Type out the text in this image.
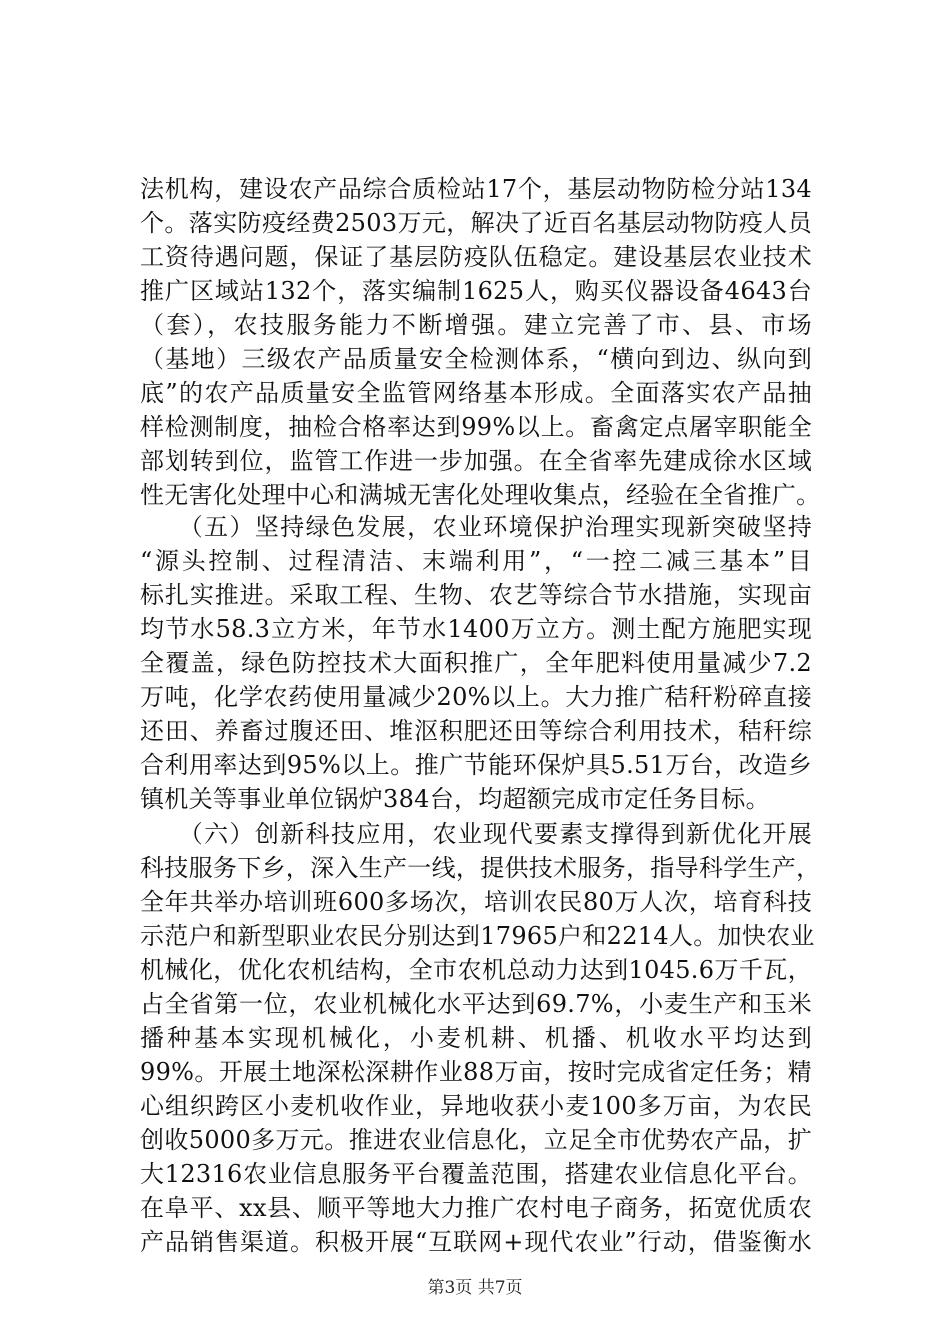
法机构，建设农产品综合质检站17个，基层动物防检分站134
个。落实防疫经费2503万元，解决了近百名基层动物防疫人员
工资待遇问题，保证了基层防疫队伍稳定。建设基层农业技术
推广区域站132个，落实编制1625人，购买仪器设备4643台
（套），农技服务能力不断增强。建立完善了市、县、市场
（基地）三级农产品质量安全检测体系，“横向到边、纵向到
底”的农产品质量安全监管网络基本形成。全面落实农产品抽
样检测制度，抽检合格率达到99%以上。畜禽定点屠宰职能全
部划转到位，监管工作进一步加强。在全省率先建成徐水区域
性无害化处理中心和满城无害化处理收集点，经验在全省推广。
　　（五）坚持绿色发展，农业环境保护治理实现新突破坚持
“源头控制、过程清洁、末端利用”，“一控二减三基本”目
标扎实推进。采取工程、生物、农艺等综合节水措施，实现亩
均节水58.3立方米，年节水1400万立方。测土配方施肥实现
全覆盖，绿色防控技术大面积推广，全年肥料使用量减少7.2
万吨，化学农药使用量减少20%以上。大力推广秸秆粉碎直接
还田、养畜过腹还田、堆沤积肥还田等综合利用技术，秸秆综
合利用率达到95%以上。推广节能环保炉具5.51万台，改造乡
镇机关等事业单位锅炉384台，均超额完成市定任务目标。
　　（六）创新科技应用，农业现代要素支撑得到新优化开展
科技服务下乡，深入生产一线，提供技术服务，指导科学生产，
全年共举办培训班600多场次，培训农民80万人次，培育科技
示范户和新型职业农民分别达到17965户和2214人。加快农业
机械化，优化农机结构，全市农机总动力达到1045.6万千瓦，
占全省第一位，农业机械化水平达到69.7%，小麦生产和玉米
播种基本实现机械化，小麦机耕、机播、机收水平均达到
99%。开展土地深松深耕作业88万亩，按时完成省定任务；精
心组织跨区小麦机收作业，异地收获小麦100多万亩，为农民
创收5000多万元。推进农业信息化，立足全市优势农产品，扩
大12316农业信息服务平台覆盖范围，搭建农业信息化平台。
在阜平、xx县、顺平等地大力推广农村电子商务，拓宽优质农
产品销售渠道。积极开展“互联网+现代农业”行动，借鉴衡水
第3页 共7页
